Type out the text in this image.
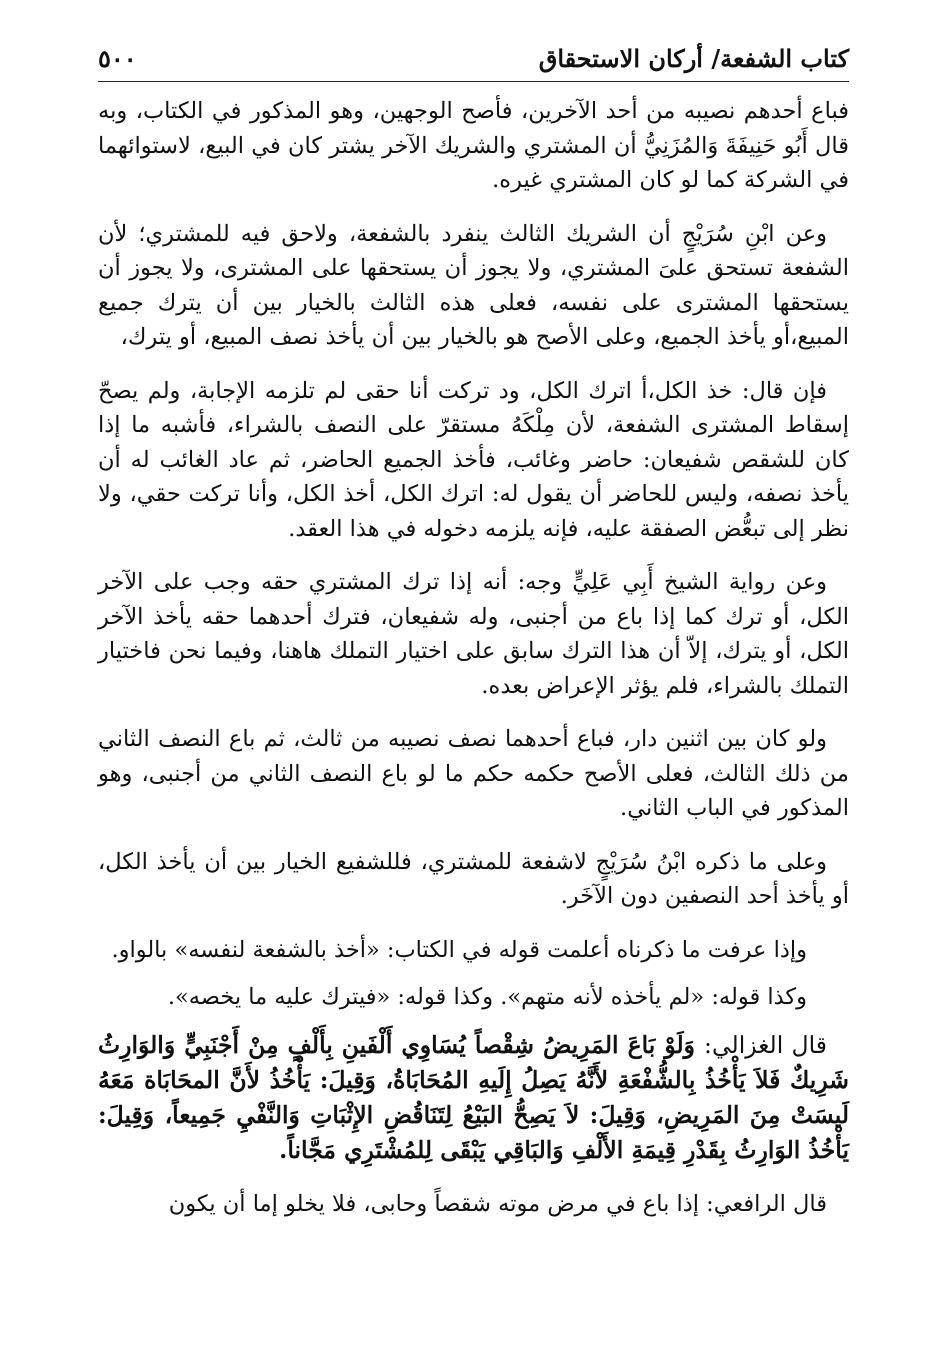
كتاب الشفعة/ أركان الاستحقاق
٥٠٠

فباع أحدهم نصيبه من أحد الآخرين، فأصح الوجهين، وهو المذكور في الكتاب، وبه قال أَبُو حَنِيفَةَ وَالمُزَنِيُّ أن المشتري والشريك الآخر يشتر كان في البيع، لاستوائهما في الشركة كما لو كان المشتري غيره.

وعن ابْنِ سُرَيْجٍ أن الشريك الثالث ينفرد بالشفعة، ولاحق فيه للمشتري؛ لأن الشفعة تستحق علىَ المشتري، ولا يجوز أن يستحقها على المشترى، ولا يجوز أن يستحقها المشترى على نفسه، فعلى هذه الثالث بالخيار بين أن يترك جميع المبيع،أو يأخذ الجميع، وعلى الأصح هو بالخيار بين أن يأخذ نصف المبيع، أو يترك،

فإن قال: خذ الكل،أ اترك الكل، ود تركت أنا حقى لم تلزمه الإجابة، ولم يصحّ إسقاط المشترى الشفعة، لأن مِلْكَهُ مستقرّ على النصف بالشراء، فأشبه ما إذا كان للشقص شفيعان: حاضر وغائب، فأخذ الجميع الحاضر، ثم عاد الغائب له أن يأخذ نصفه، وليس للحاضر أن يقول له: اترك الكل، أخذ الكل، وأنا تركت حقي، ولا نظر إلى تبعُّض الصفقة عليه، فإنه يلزمه دخوله في هذا العقد.

وعن رواية الشيخ أَبِي عَلِيٍّ وجه: أنه إذا ترك المشتري حقه وجب على الآخر الكل، أو ترك كما إذا باع من أجنبى، وله شفيعان، فترك أحدهما حقه يأخذ الآخر الكل، أو يترك، إلاّ أن هذا الترك سابق على اختيار التملك هاهنا، وفيما نحن فاختيار التملك بالشراء، فلم يؤثر الإعراض بعده.

ولو كان بين اثنين دار، فباع أحدهما نصف نصيبه من ثالث، ثم باع النصف الثاني من ذلك الثالث، فعلى الأصح حكمه حكم ما لو باع النصف الثاني من أجنبى، وهو المذكور في الباب الثاني.

وعلى ما ذكره ابْنُ سُرَيْجٍ لاشفعة للمشتري، فللشفيع الخيار بين أن يأخذ الكل، أو يأخذ أحد النصفين دون الآخَر.

وإذا عرفت ما ذكرناه أعلمت قوله في الكتاب: «أخذ بالشفعة لنفسه» بالواو.

وكذا قوله: «لم يأخذه لأنه متهم». وكذا قوله: «فيترك عليه ما يخصه».

قال الغزالي: وَلَوْ بَاعَ المَرِيضُ شِقْصاً يُسَاوِي أَلْفَينِ بِأَلْفٍ مِنْ أَجْنَبِيٍّ وَالوَارِثُ شَرِيكٌ فَلاَ يَأْخُذُ بِالشُّفْعَةِ لأَنَّهُ يَصِلُ إِلَيهِ المُحَابَاةُ، وَقِيلَ: يَأْخُذُ لأَنَّ المحَابَاة مَعَهُ لَيسَتْ مِنَ المَرِيضِ، وَقِيلَ: لاَ يَصِحُّ البَيْعُ لِتَنَاقُضِ الإِثْبَاتِ وَالنَّفْيِ جَمِيعاً، وَقِيلَ: يَأْخُذُ الوَارِثُ بِقَدْرِ قِيمَةِ الأَلْفِ وَالبَاقِي يَبْقَى لِلمُشْتَرِي مَجَّاناً.

قال الرافعي: إذا باع في مرض موته شقصاً وحابى، فلا يخلو إما أن يكون
